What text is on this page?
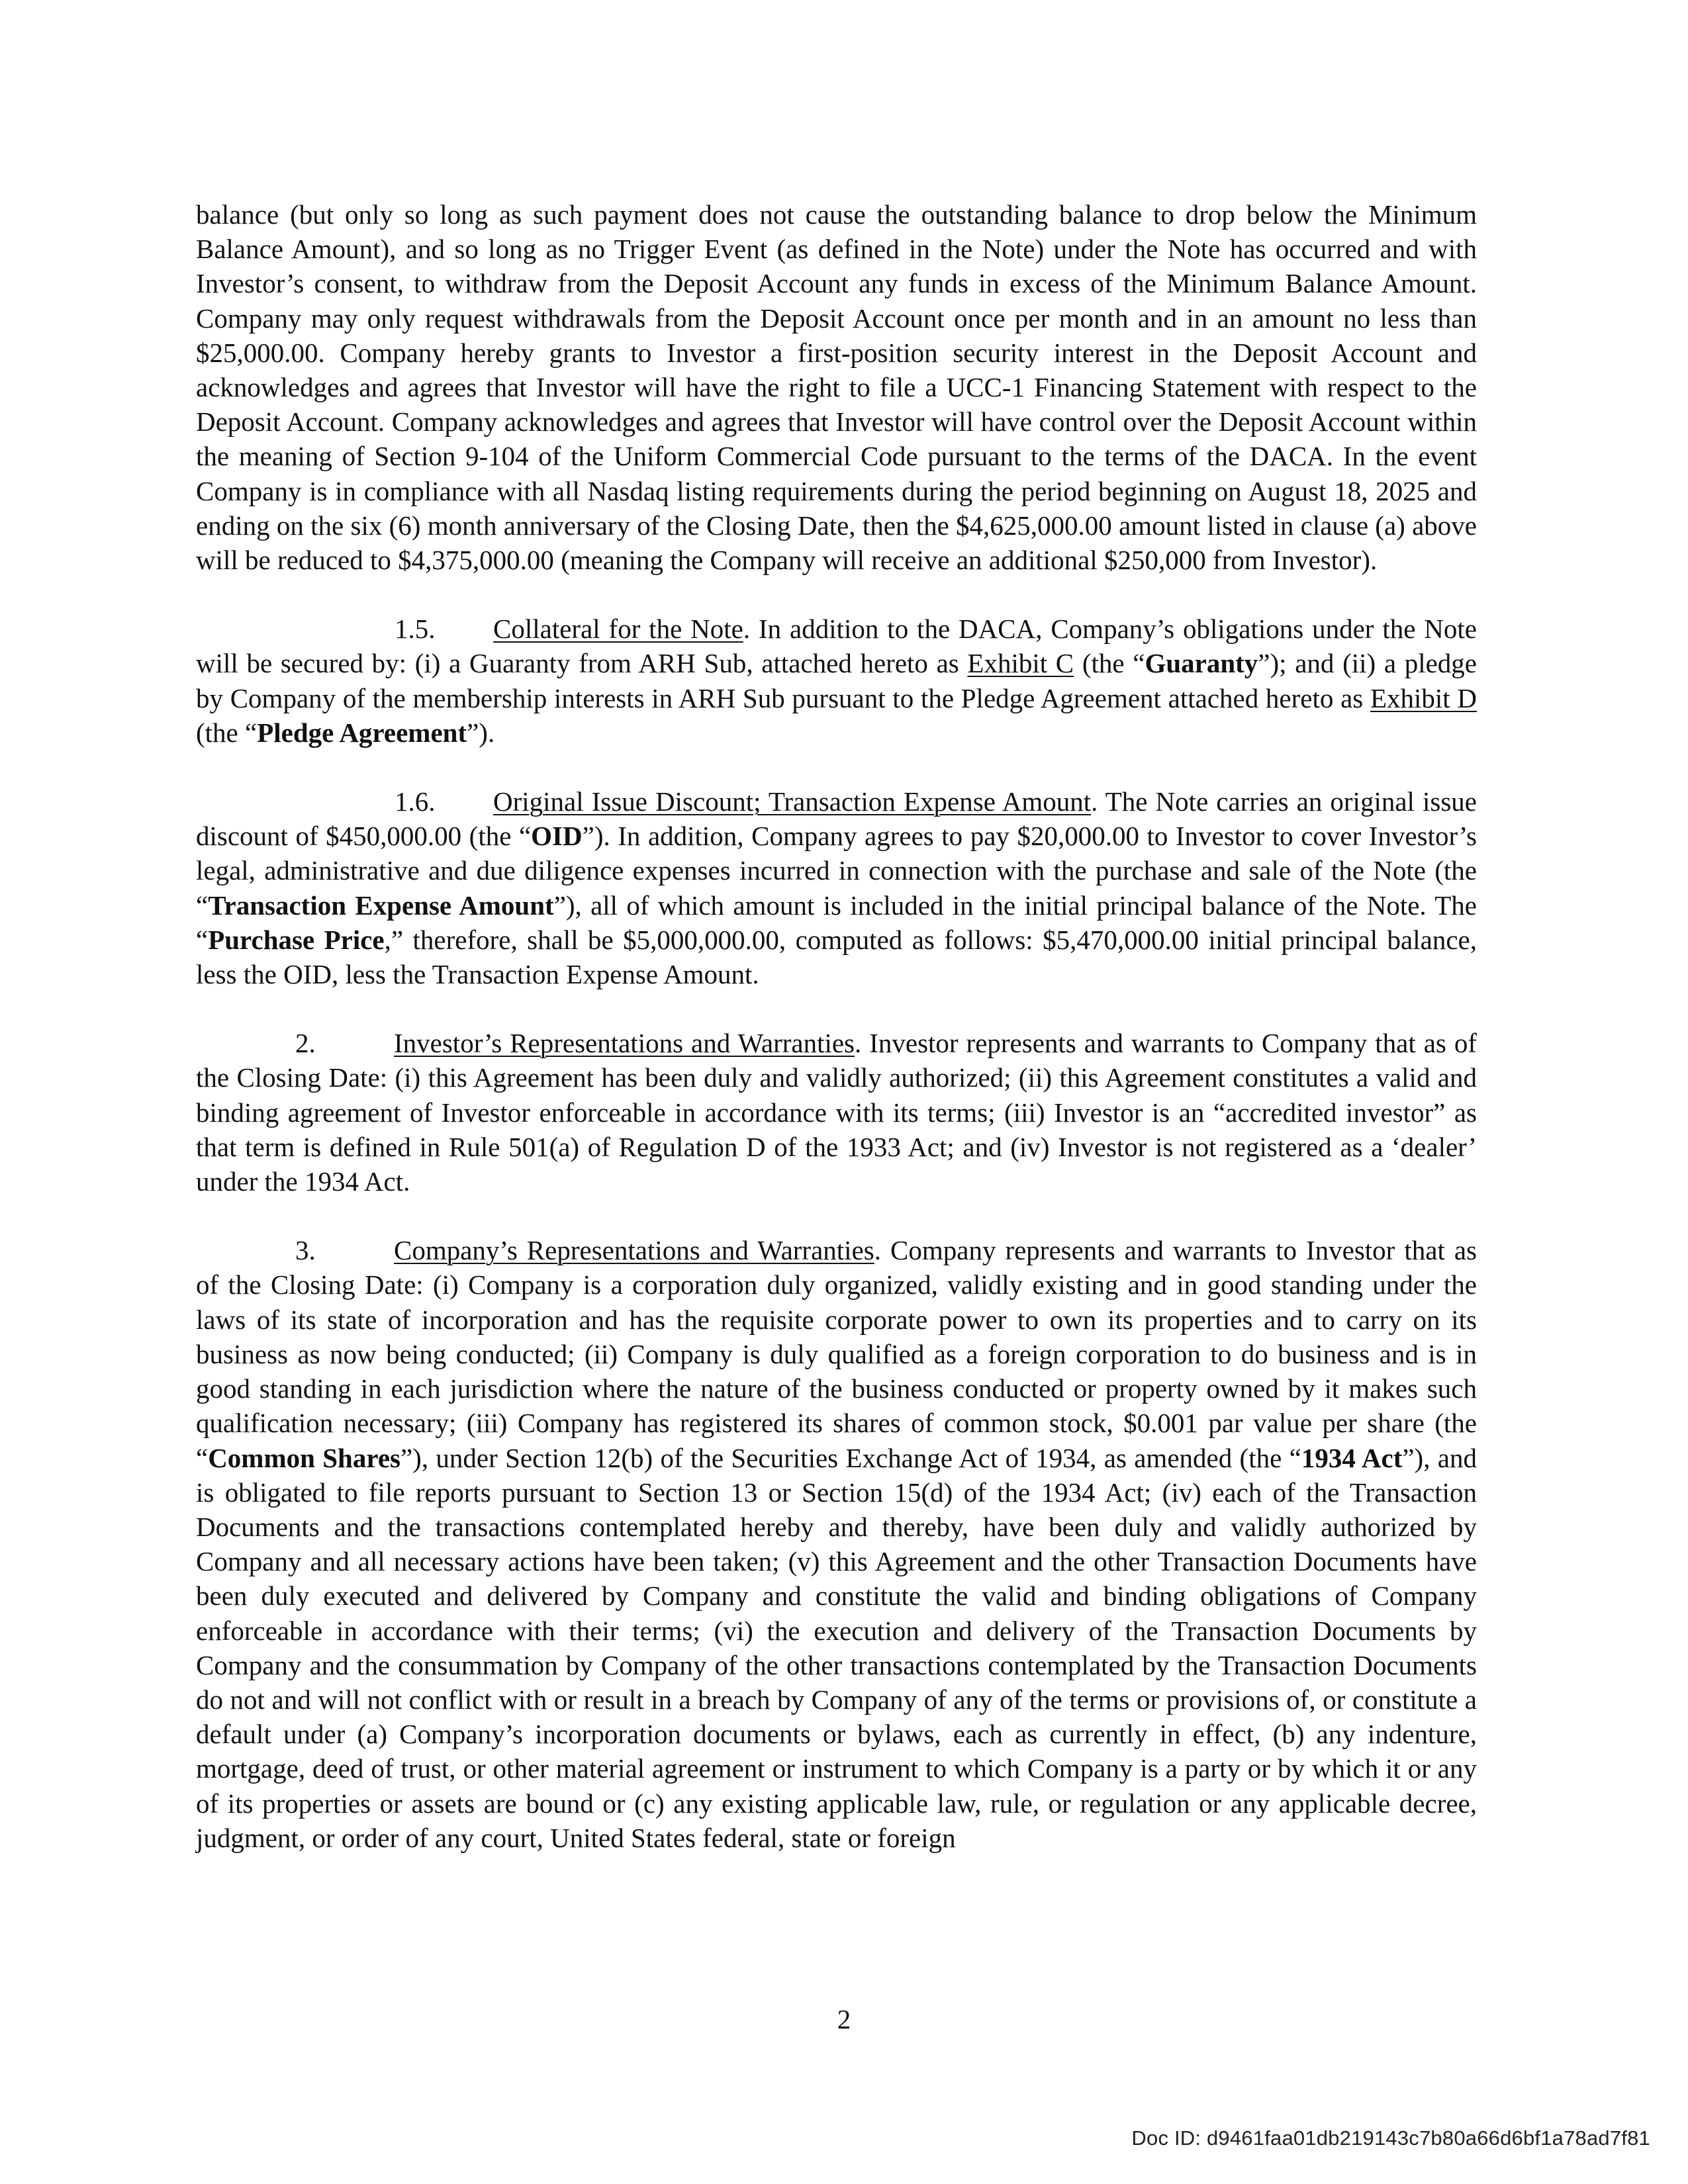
balance (but only so long as such payment does not cause the outstanding balance to drop below the Minimum Balance Amount), and so long as no Trigger Event (as defined in the Note) under the Note has occurred and with Investor’s consent, to withdraw from the Deposit Account any funds in excess of the Minimum Balance Amount. Company may only request withdrawals from the Deposit Account once per month and in an amount no less than $25,000.00. Company hereby grants to Investor a first-position security interest in the Deposit Account and acknowledges and agrees that Investor will have the right to file a UCC-1 Financing Statement with respect to the Deposit Account. Company acknowledges and agrees that Investor will have control over the Deposit Account within the meaning of Section 9-104 of the Uniform Commercial Code pursuant to the terms of the DACA. In the event Company is in compliance with all Nasdaq listing requirements during the period beginning on August 18, 2025 and ending on the six (6) month anniversary of the Closing Date, then the $4,625,000.00 amount listed in clause (a) above will be reduced to $4,375,000.00 (meaning the Company will receive an additional $250,000 from Investor).

1.5. Collateral for the Note. In addition to the DACA, Company’s obligations under the Note will be secured by: (i) a Guaranty from ARH Sub, attached hereto as Exhibit C (the “Guaranty”); and (ii) a pledge by Company of the membership interests in ARH Sub pursuant to the Pledge Agreement attached hereto as Exhibit D (the “Pledge Agreement”).

1.6. Original Issue Discount; Transaction Expense Amount. The Note carries an original issue discount of $450,000.00 (the “OID”). In addition, Company agrees to pay $20,000.00 to Investor to cover Investor’s legal, administrative and due diligence expenses incurred in connection with the purchase and sale of the Note (the “Transaction Expense Amount”), all of which amount is included in the initial principal balance of the Note. The “Purchase Price,” therefore, shall be $5,000,000.00, computed as follows: $5,470,000.00 initial principal balance, less the OID, less the Transaction Expense Amount.

2.	Investor’s Representations and Warranties. Investor represents and warrants to Company that as of the Closing Date: (i) this Agreement has been duly and validly authorized; (ii) this Agreement constitutes a valid and binding agreement of Investor enforceable in accordance with its terms; (iii) Investor is an “accredited investor” as that term is defined in Rule 501(a) of Regulation D of the 1933 Act; and (iv) Investor is not registered as a ‘dealer’ under the 1934 Act.

3.	Company’s Representations and Warranties. Company represents and warrants to Investor that as of the Closing Date: (i) Company is a corporation duly organized, validly existing and in good standing under the laws of its state of incorporation and has the requisite corporate power to own its properties and to carry on its business as now being conducted; (ii) Company is duly qualified as a foreign corporation to do business and is in good standing in each jurisdiction where the nature of the business conducted or property owned by it makes such qualification necessary; (iii) Company has registered its shares of common stock, $0.001 par value per share (the “Common Shares”), under Section 12(b) of the Securities Exchange Act of 1934, as amended (the “1934 Act”), and is obligated to file reports pursuant to Section 13 or Section 15(d) of the 1934 Act; (iv) each of the Transaction Documents and the transactions contemplated hereby and thereby, have been duly and validly authorized by Company and all necessary actions have been taken; (v) this Agreement and the other Transaction Documents have been duly executed and delivered by Company and constitute the valid and binding obligations of Company enforceable in accordance with their terms; (vi) the execution and delivery of the Transaction Documents by Company and the consummation by Company of the other transactions contemplated by the Transaction Documents do not and will not conflict with or result in a breach by Company of any of the terms or provisions of, or constitute a default under (a) Company’s incorporation documents or bylaws, each as currently in effect, (b) any indenture, mortgage, deed of trust, or other material agreement or instrument to which Company is a party or by which it or any of its properties or assets are bound or (c) any existing applicable law, rule, or regulation or any applicable decree, judgment, or order of any court, United States federal, state or foreign

2
Doc ID: d9461faa01db219143c7b80a66d6bf1a78ad7f81
